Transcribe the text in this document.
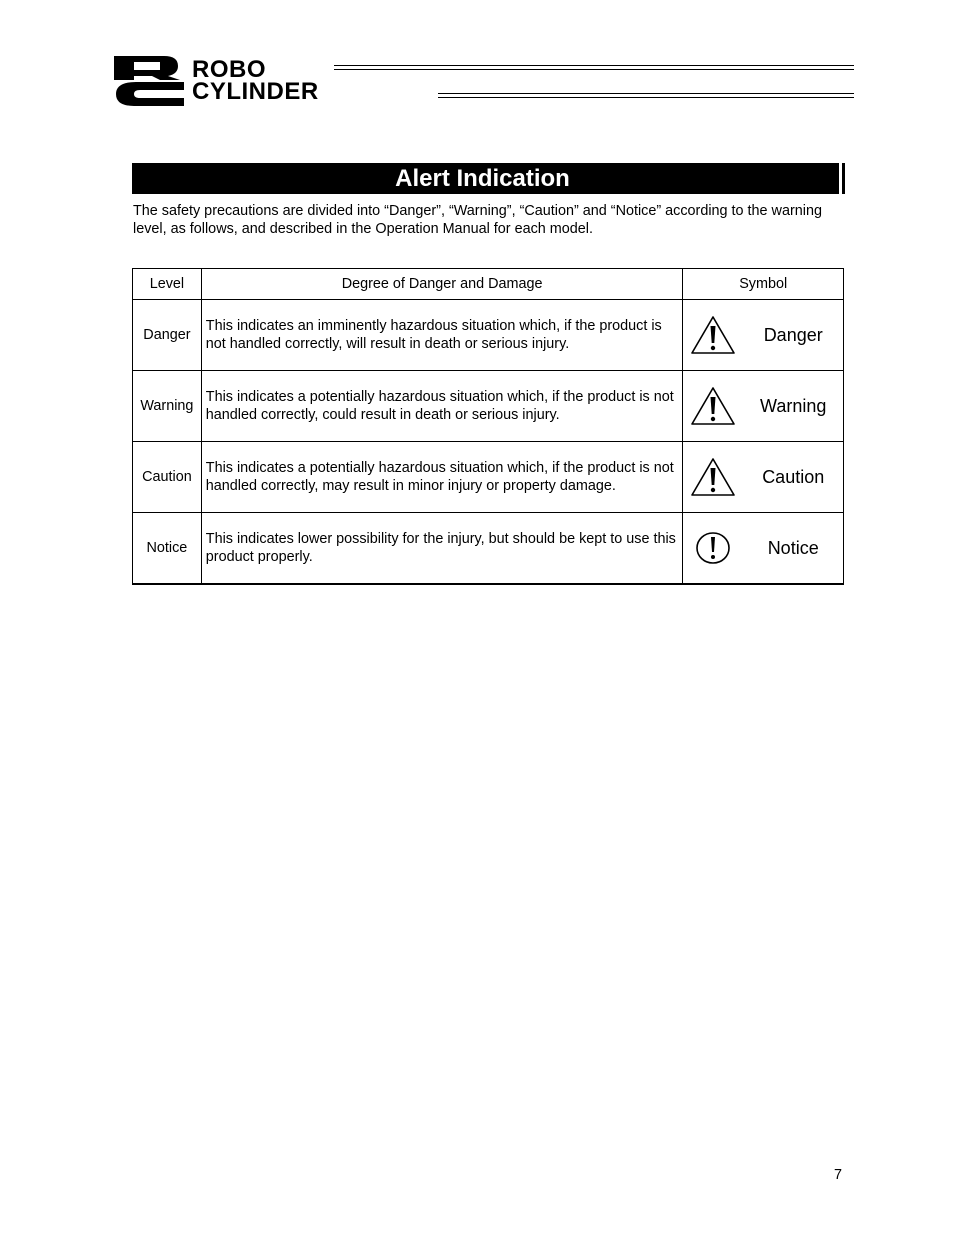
ROBO
CYLINDER
Alert Indication
The safety precautions are divided into “Danger”, “Warning”, “Caution” and “Notice” according to the warning level, as follows, and described in the Operation Manual for each model.
Level	Degree of Danger and Damage	Symbol
Danger	This indicates an imminently hazardous situation which, if the product is not handled correctly, will result in death or serious injury.	Danger

Warning	This indicates a potentially hazardous situation which, if the product is not handled correctly, could result in death or serious injury.	Warning

Caution	This indicates a potentially hazardous situation which, if the product is not handled correctly, may result in minor injury or property damage.	Caution

Notice	This indicates lower possibility for the injury, but should be kept to use this product properly.	Notice
7
